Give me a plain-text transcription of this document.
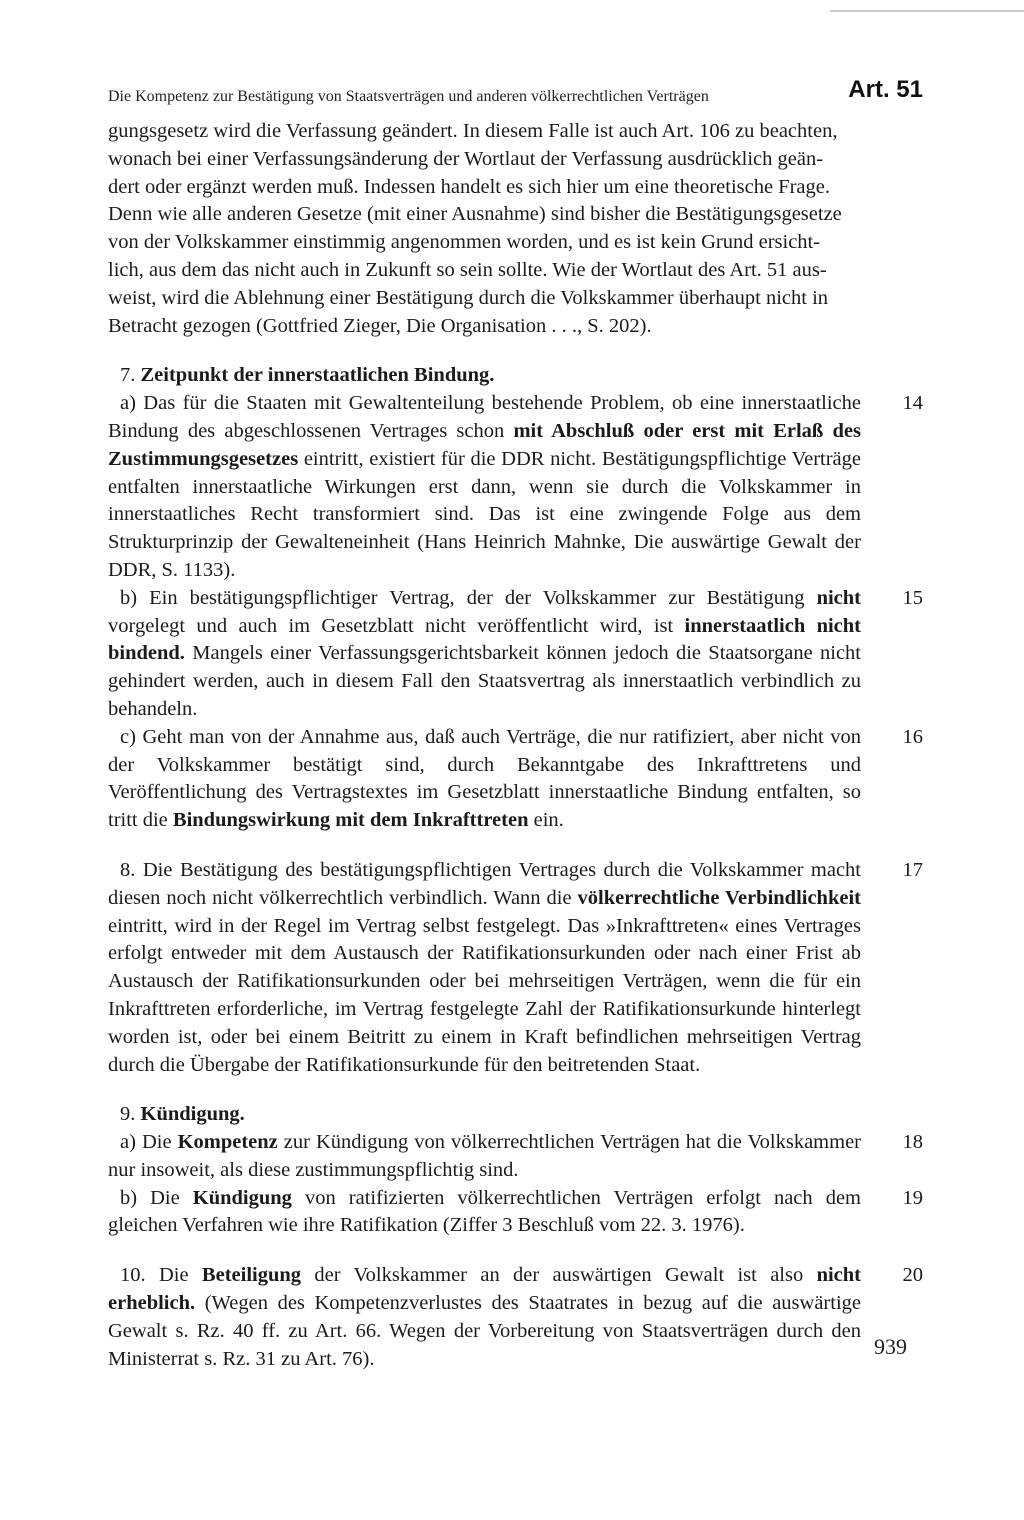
Die Kompetenz zur Bestätigung von Staatsverträgen und anderen völkerrechtlichen Verträgen	Art. 51
gungsgesetz wird die Verfassung geändert. In diesem Falle ist auch Art. 106 zu beachten,
wonach bei einer Verfassungsänderung der Wortlaut der Verfassung ausdrücklich geän-
dert oder ergänzt werden muß. Indessen handelt es sich hier um eine theoretische Frage.
Denn wie alle anderen Gesetze (mit einer Ausnahme) sind bisher die Bestätigungsgesetze
von der Volkskammer einstimmig angenommen worden, und es ist kein Grund ersicht-
lich, aus dem das nicht auch in Zukunft so sein sollte. Wie der Wortlaut des Art. 51 aus-
weist, wird die Ablehnung einer Bestätigung durch die Volkskammer überhaupt nicht in
Betracht gezogen (Gottfried Zieger, Die Organisation . . ., S. 202).
7. Zeitpunkt der innerstaatlichen Bindung.
a) Das für die Staaten mit Gewaltenteilung bestehende Problem, ob eine innerstaatliche Bindung des abgeschlossenen Vertrages schon mit Abschluß oder erst mit Erlaß des Zustimmungsgesetzes eintritt, existiert für die DDR nicht. Bestätigungspflichtige Verträge entfalten innerstaatliche Wirkungen erst dann, wenn sie durch die Volkskammer in innerstaatliches Recht transformiert sind. Das ist eine zwingende Folge aus dem Strukturprinzip der Gewalteneinheit (Hans Heinrich Mahnke, Die auswärtige Gewalt der DDR, S. 1133).
14
b) Ein bestätigungspflichtiger Vertrag, der der Volkskammer zur Bestätigung nicht vorgelegt und auch im Gesetzblatt nicht veröffentlicht wird, ist innerstaatlich nicht bindend. Mangels einer Verfassungsgerichtsbarkeit können jedoch die Staatsorgane nicht gehindert werden, auch in diesem Fall den Staatsvertrag als innerstaatlich verbindlich zu behandeln.
15
c) Geht man von der Annahme aus, daß auch Verträge, die nur ratifiziert, aber nicht von der Volkskammer bestätigt sind, durch Bekanntgabe des Inkrafttretens und Veröffentlichung des Vertragstextes im Gesetzblatt innerstaatliche Bindung entfalten, so tritt die Bindungswirkung mit dem Inkrafttreten ein.
16
8. Die Bestätigung des bestätigungspflichtigen Vertrages durch die Volkskammer macht diesen noch nicht völkerrechtlich verbindlich. Wann die völkerrechtliche Verbindlichkeit eintritt, wird in der Regel im Vertrag selbst festgelegt. Das »Inkrafttreten« eines Vertrages erfolgt entweder mit dem Austausch der Ratifikationsurkunden oder nach einer Frist ab Austausch der Ratifikationsurkunden oder bei mehrseitigen Verträgen, wenn die für ein Inkrafttreten erforderliche, im Vertrag festgelegte Zahl der Ratifikationsurkunde hinterlegt worden ist, oder bei einem Beitritt zu einem in Kraft befindlichen mehrseitigen Vertrag durch die Übergabe der Ratifikationsurkunde für den beitretenden Staat.
17
9. Kündigung.
a) Die Kompetenz zur Kündigung von völkerrechtlichen Verträgen hat die Volkskammer nur insoweit, als diese zustimmungspflichtig sind.
18
b) Die Kündigung von ratifizierten völkerrechtlichen Verträgen erfolgt nach dem gleichen Verfahren wie ihre Ratifikation (Ziffer 3 Beschluß vom 22. 3. 1976).
19
10. Die Beteiligung der Volkskammer an der auswärtigen Gewalt ist also nicht erheblich. (Wegen des Kompetenzverlustes des Staatrates in bezug auf die auswärtige Gewalt s. Rz. 40 ff. zu Art. 66. Wegen der Vorbereitung von Staatsverträgen durch den Ministerrat s. Rz. 31 zu Art. 76).
20
939
